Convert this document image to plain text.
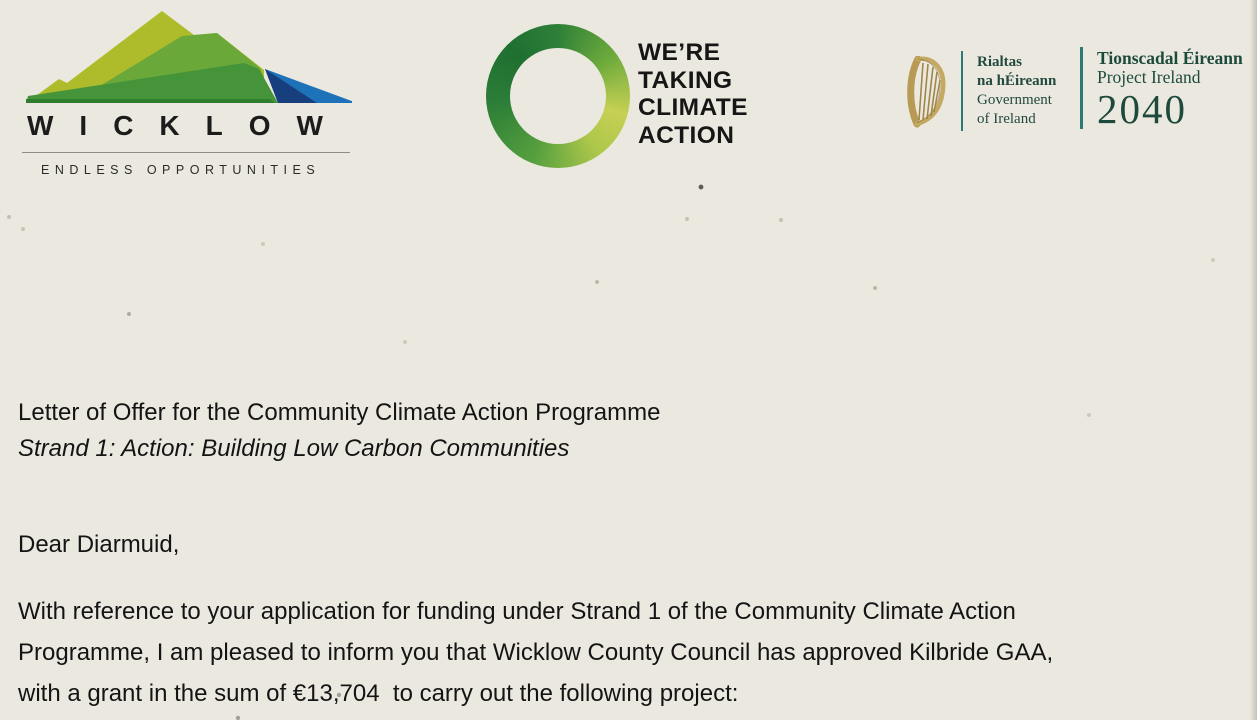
WICKLOW
ENDLESS OPPORTUNITIES
WE’RE
TAKING
CLIMATE
ACTION
Rialtas
na hÉireann
Government
of Ireland
Tionscadal Éireann
Project Ireland
2040
Letter of Offer for the Community Climate Action Programme
Strand 1: Action: Building Low Carbon Communities
Dear Diarmuid,
With reference to your application for funding under Strand 1 of the Community Climate Action
Programme, I am pleased to inform you that Wicklow County Council has approved Kilbride GAA,
with a grant in the sum of €13,704  to carry out the following project:
